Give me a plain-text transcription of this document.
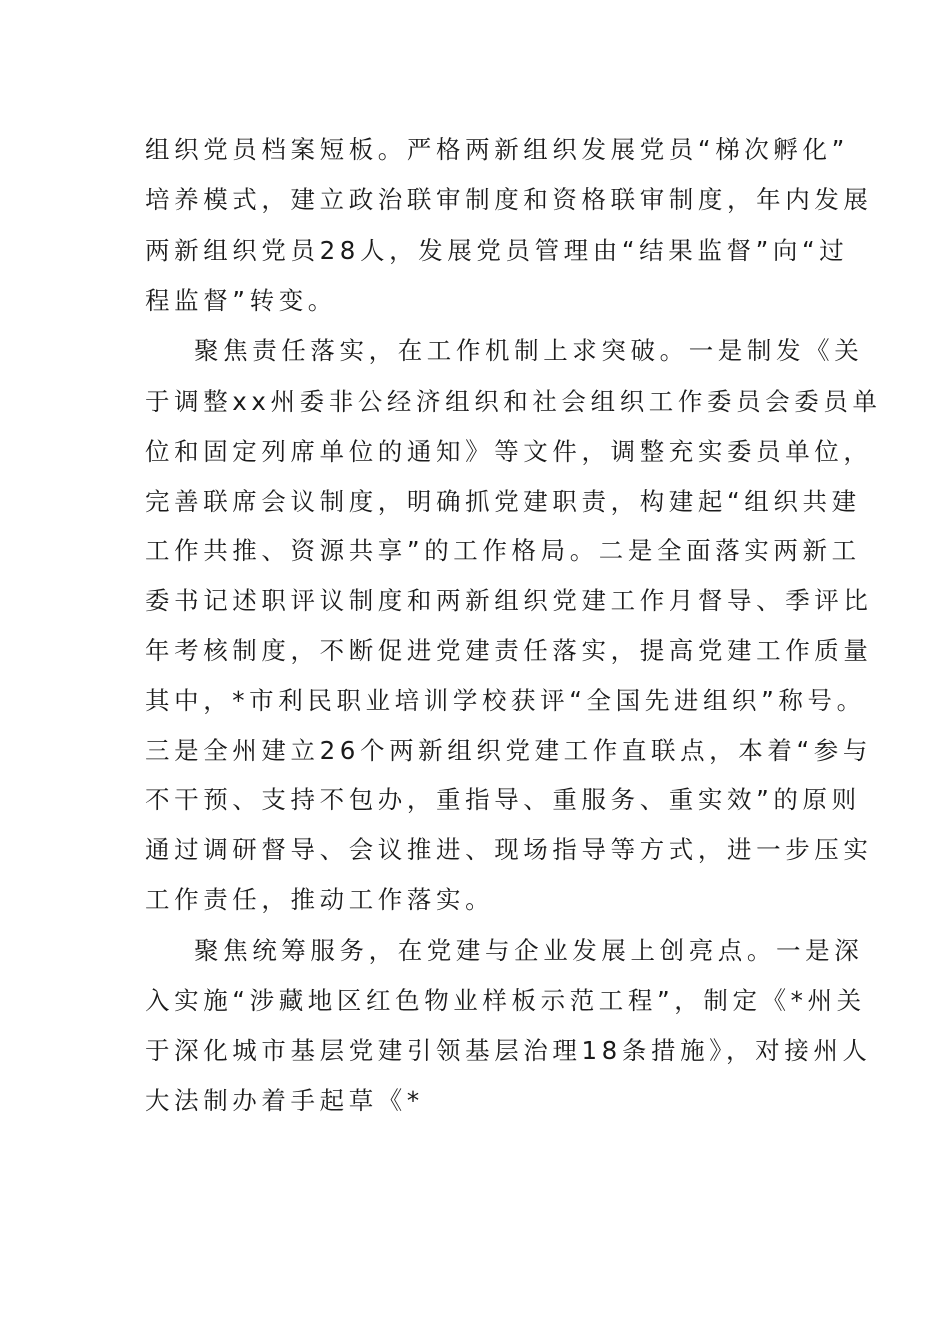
组织党员档案短板。严格两新组织发展党员“梯次孵化”
培养模式，建立政治联审制度和资格联审制度，年内发展
两新组织党员28人，发展党员管理由“结果监督”向“过
程监督”转变。
聚焦责任落实，在工作机制上求突破。一是制发《关
于调整xx州委非公经济组织和社会组织工作委员会委员单
位和固定列席单位的通知》等文件，调整充实委员单位，
完善联席会议制度，明确抓党建职责，构建起“组织共建
工作共推、资源共享”的工作格局。二是全面落实两新工
委书记述职评议制度和两新组织党建工作月督导、季评比
年考核制度，不断促进党建责任落实，提高党建工作质量
其中，*市利民职业培训学校获评“全国先进组织”称号。
三是全州建立26个两新组织党建工作直联点，本着“参与
不干预、支持不包办，重指导、重服务、重实效”的原则
通过调研督导、会议推进、现场指导等方式，进一步压实
工作责任，推动工作落实。
聚焦统筹服务，在党建与企业发展上创亮点。一是深
入实施“涉藏地区红色物业样板示范工程”，制定《*州关
于深化城市基层党建引领基层治理18条措施》，对接州人
大法制办着手起草《*
